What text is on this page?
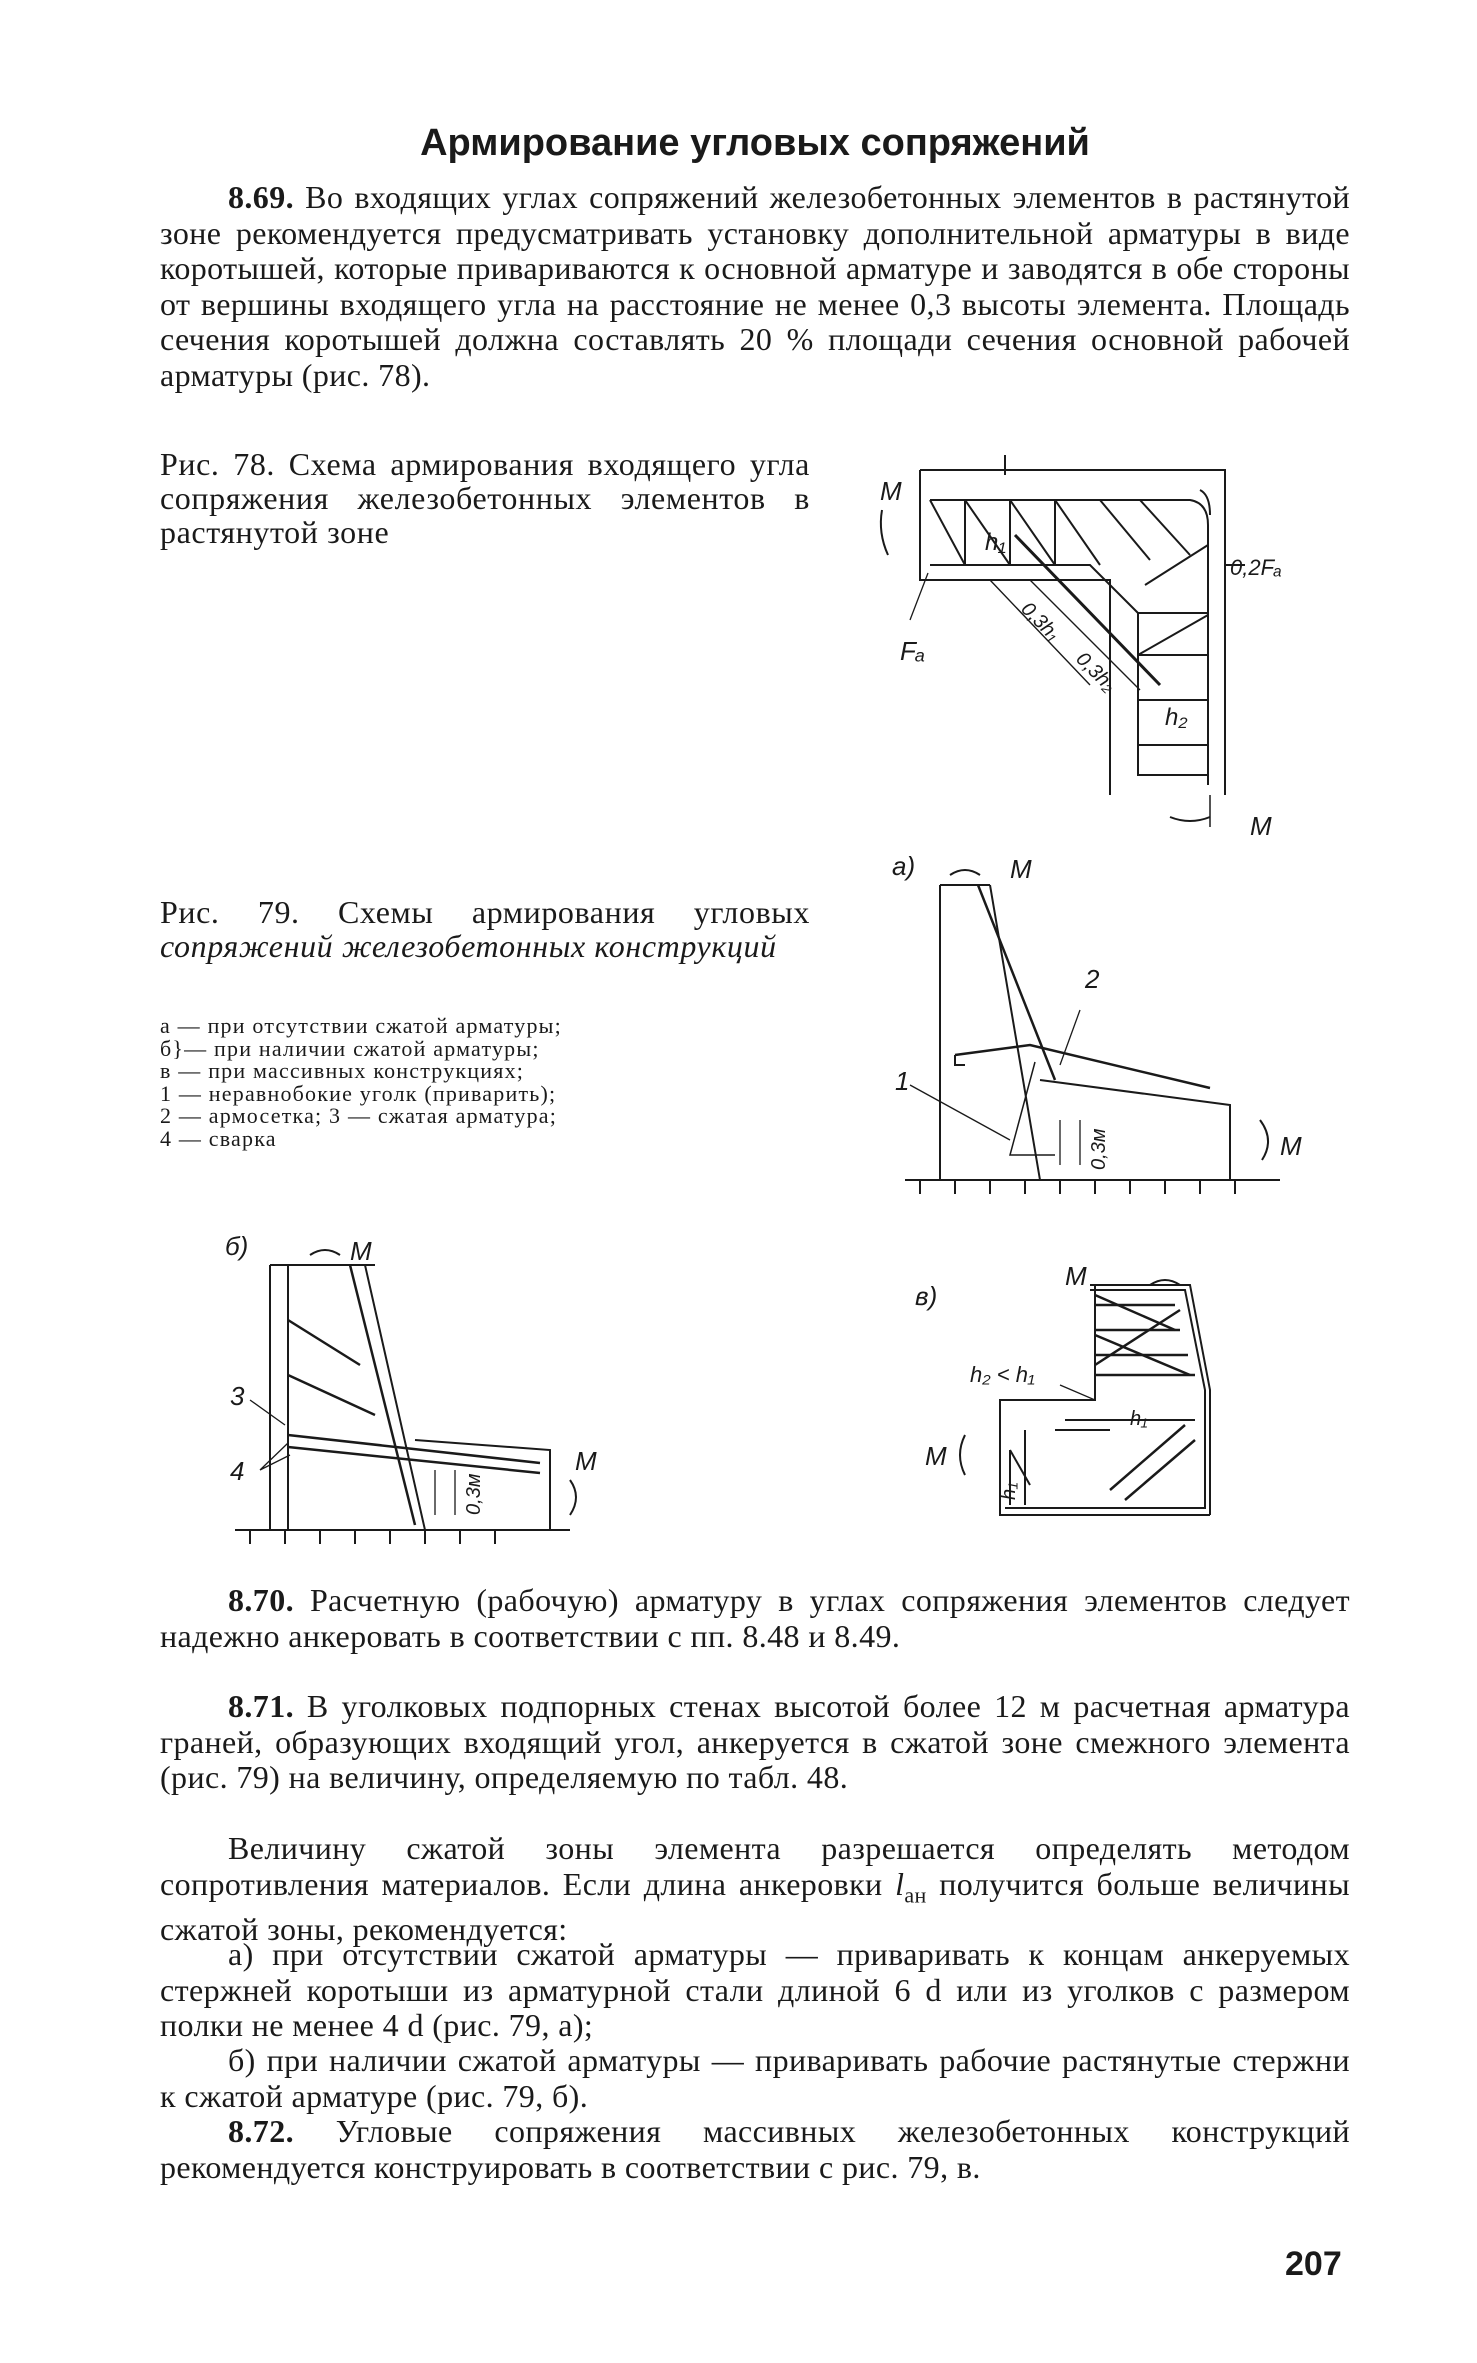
Армирование угловых сопряжений
8.69. Во входящих углах сопряжений железобетонных элементов в растянутой зоне рекомендуется предусматривать установку дополнительной арматуры в виде коротышей, которые привариваются к основной арматуре и заводятся в обе стороны от вершины входящего угла на расстояние не менее 0,3 высоты элемента. Площадь сечения коротышей должна составлять 20 % площади сечения основной рабочей арматуры (рис. 78).
Рис. 78. Схема армирования входящего угла сопряжения железобетонных элементов в растянутой зоне
M
M
h₁
0,2Fₐ
Fₐ
h₂
0,3h₁
0,3h₂
Рис. 79. Схемы армирования угловых сопряжений железобетонных конструкций
а — при отсутствии сжатой арматуры;
б}— при наличии сжатой арматуры;
в — при массивных конструкциях;
1 — неравнобокие уголк (приварить);
2 — армосетка; 3 — сжатая арматура;
4 — сварка
а)	M
M
2
1
0,3м
б)	M
M
3
4
0,3м
в)
M
M
h₂ < h₁
h₁
h₁
8.70. Расчетную (рабочую) арматуру в углах сопряжения элементов следует надежно анкеровать в соответствии с пп. 8.48 и 8.49.
8.71. В уголковых подпорных стенах высотой более 12 м расчетная арматура граней, образующих входящий угол, анкеруется в сжатой зоне смежного элемента (рис. 79) на величину, определяемую по табл. 48.
Величину сжатой зоны элемента разрешается определять методом сопротивления материалов. Если длина анкеровки $l_{ан}$ получится больше величины сжатой зоны, рекомендуется:
а) при отсутствии сжатой арматуры — приваривать к концам анкеруемых стержней коротыши из арматурной стали длиной 6 d или из уголков с размером полки не менее 4 d (рис. 79, а);
б) при наличии сжатой арматуры — приваривать рабочие растянутые стержни к сжатой арматуре (рис. 79, б).
8.72. Угловые сопряжения массивных железобетонных конструкций рекомендуется конструировать в соответствии с рис. 79, в.
207
